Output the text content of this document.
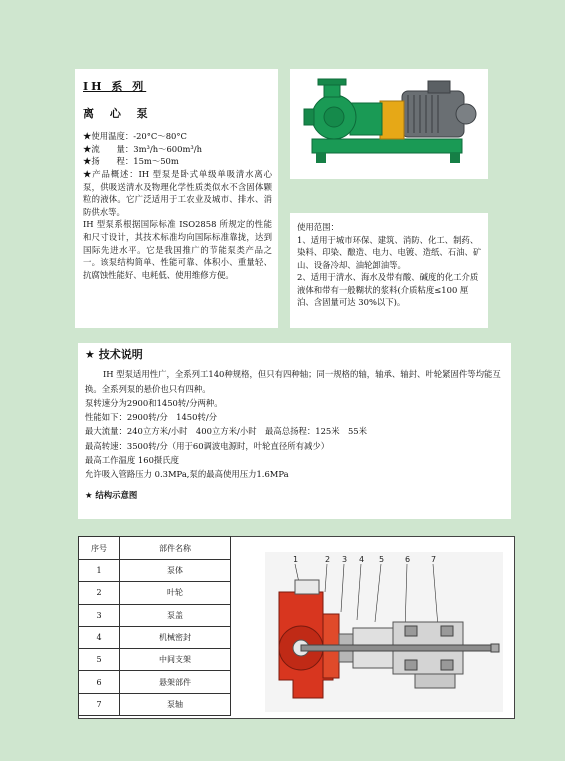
IH 系 列
离 心 泵

★使用温度：-20°C～80°C

★流　　量：3m³/h～600m³/h

★扬　　程：15m～50m

★产品概述：IH 型泵是卧式单级单吸清水离心泵，供吸送清水及物理化学性质类似水不含固体颗粒的液体。它广泛适用于工农业及城市、排水、消防供水等。

IH 型泵系根据国际标准 ISO2858 所规定的性能和尺寸设计，其技术标准均向国际标准靠拢，达到国际先进水平。它是我国推广的节能泵类产品之一。该泵结构简单、性能可靠、体积小、重量轻、抗腐蚀性能好、电耗低、使用维修方便。

使用范围：

1、适用于城市环保、建筑、消防、化工、制药、染料、印染、酿造、电力、电镀、造纸、石油、矿山、设备冷却、油轮卸油等。

2、适用于清水、海水及带有酸、碱度的化工介质液体和带有一般糊状的浆料(介质粘度≤100 厘泊、含固量可达 30%以下)。

★ 技术说明

IH 型泵适用性广，全系列工140种规格，但只有四种轴；同一规格的轴，轴承、轴封、叶轮紧固件等均能互换。全系列泵的悬价也只有四种。

泵转速分为2900和1450转/分两种。

性能如下：2900转/分　1450转/分

最大流量：240立方米/小时　400立方米/小时　最高总扬程：125米　55米

最高转速：3500转/分（用于60调波电源时，叶轮直径所有减少）

最高工作温度 160摄氏度

允许吸入管路压力 0.3MPa,泵的最高使用压力1.6MPa

★ 结构示意图
序号	部件名称
1	泵体
2	叶轮
3	泵盖
4	机械密封
5	中间支架
6	悬架部件
7	泵轴
1	2 3 4 5	6	7
